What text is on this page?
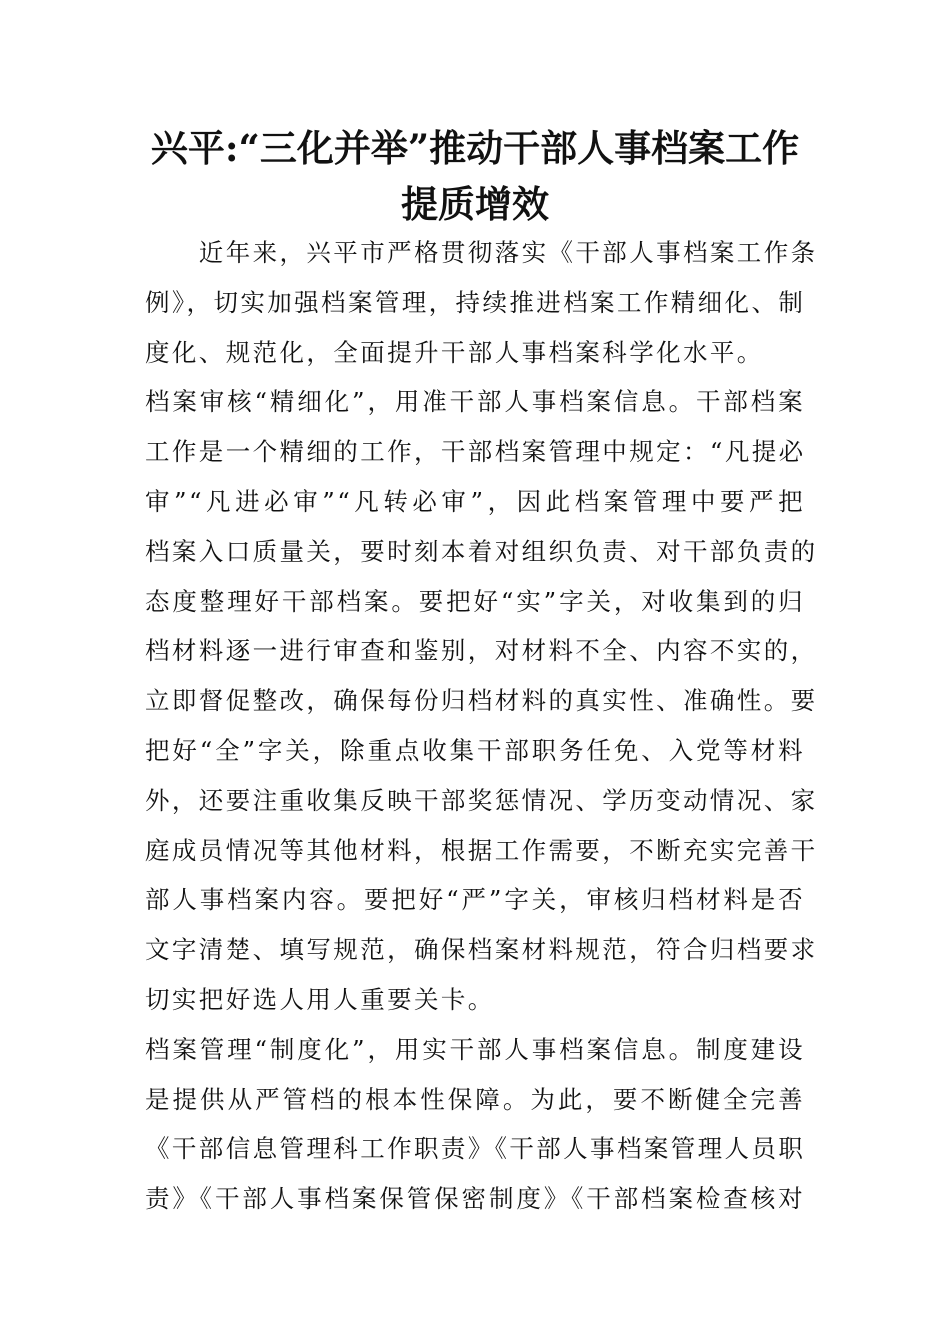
兴平:“三化并举”推动干部人事档案工作
提质增效

　　近年来，兴平市严格贯彻落实《干部人事档案工作条
例》，切实加强档案管理，持续推进档案工作精细化、制
度化、规范化，全面提升干部人事档案科学化水平。

档案审核“精细化”，用准干部人事档案信息。干部档案
工作是一个精细的工作，干部档案管理中规定：“凡提必
审”“凡进必审”“凡转必审”，因此档案管理中要严把
档案入口质量关，要时刻本着对组织负责、对干部负责的
态度整理好干部档案。要把好“实”字关，对收集到的归
档材料逐一进行审查和鉴别，对材料不全、内容不实的，
立即督促整改，确保每份归档材料的真实性、准确性。要
把好“全”字关，除重点收集干部职务任免、入党等材料
外，还要注重收集反映干部奖惩情况、学历变动情况、家
庭成员情况等其他材料，根据工作需要，不断充实完善干
部人事档案内容。要把好“严”字关，审核归档材料是否
文字清楚、填写规范，确保档案材料规范，符合归档要求
切实把好选人用人重要关卡。

档案管理“制度化”，用实干部人事档案信息。制度建设
是提供从严管档的根本性保障。为此，要不断健全完善
《干部信息管理科工作职责》《干部人事档案管理人员职
责》《干部人事档案保管保密制度》《干部档案检查核对
